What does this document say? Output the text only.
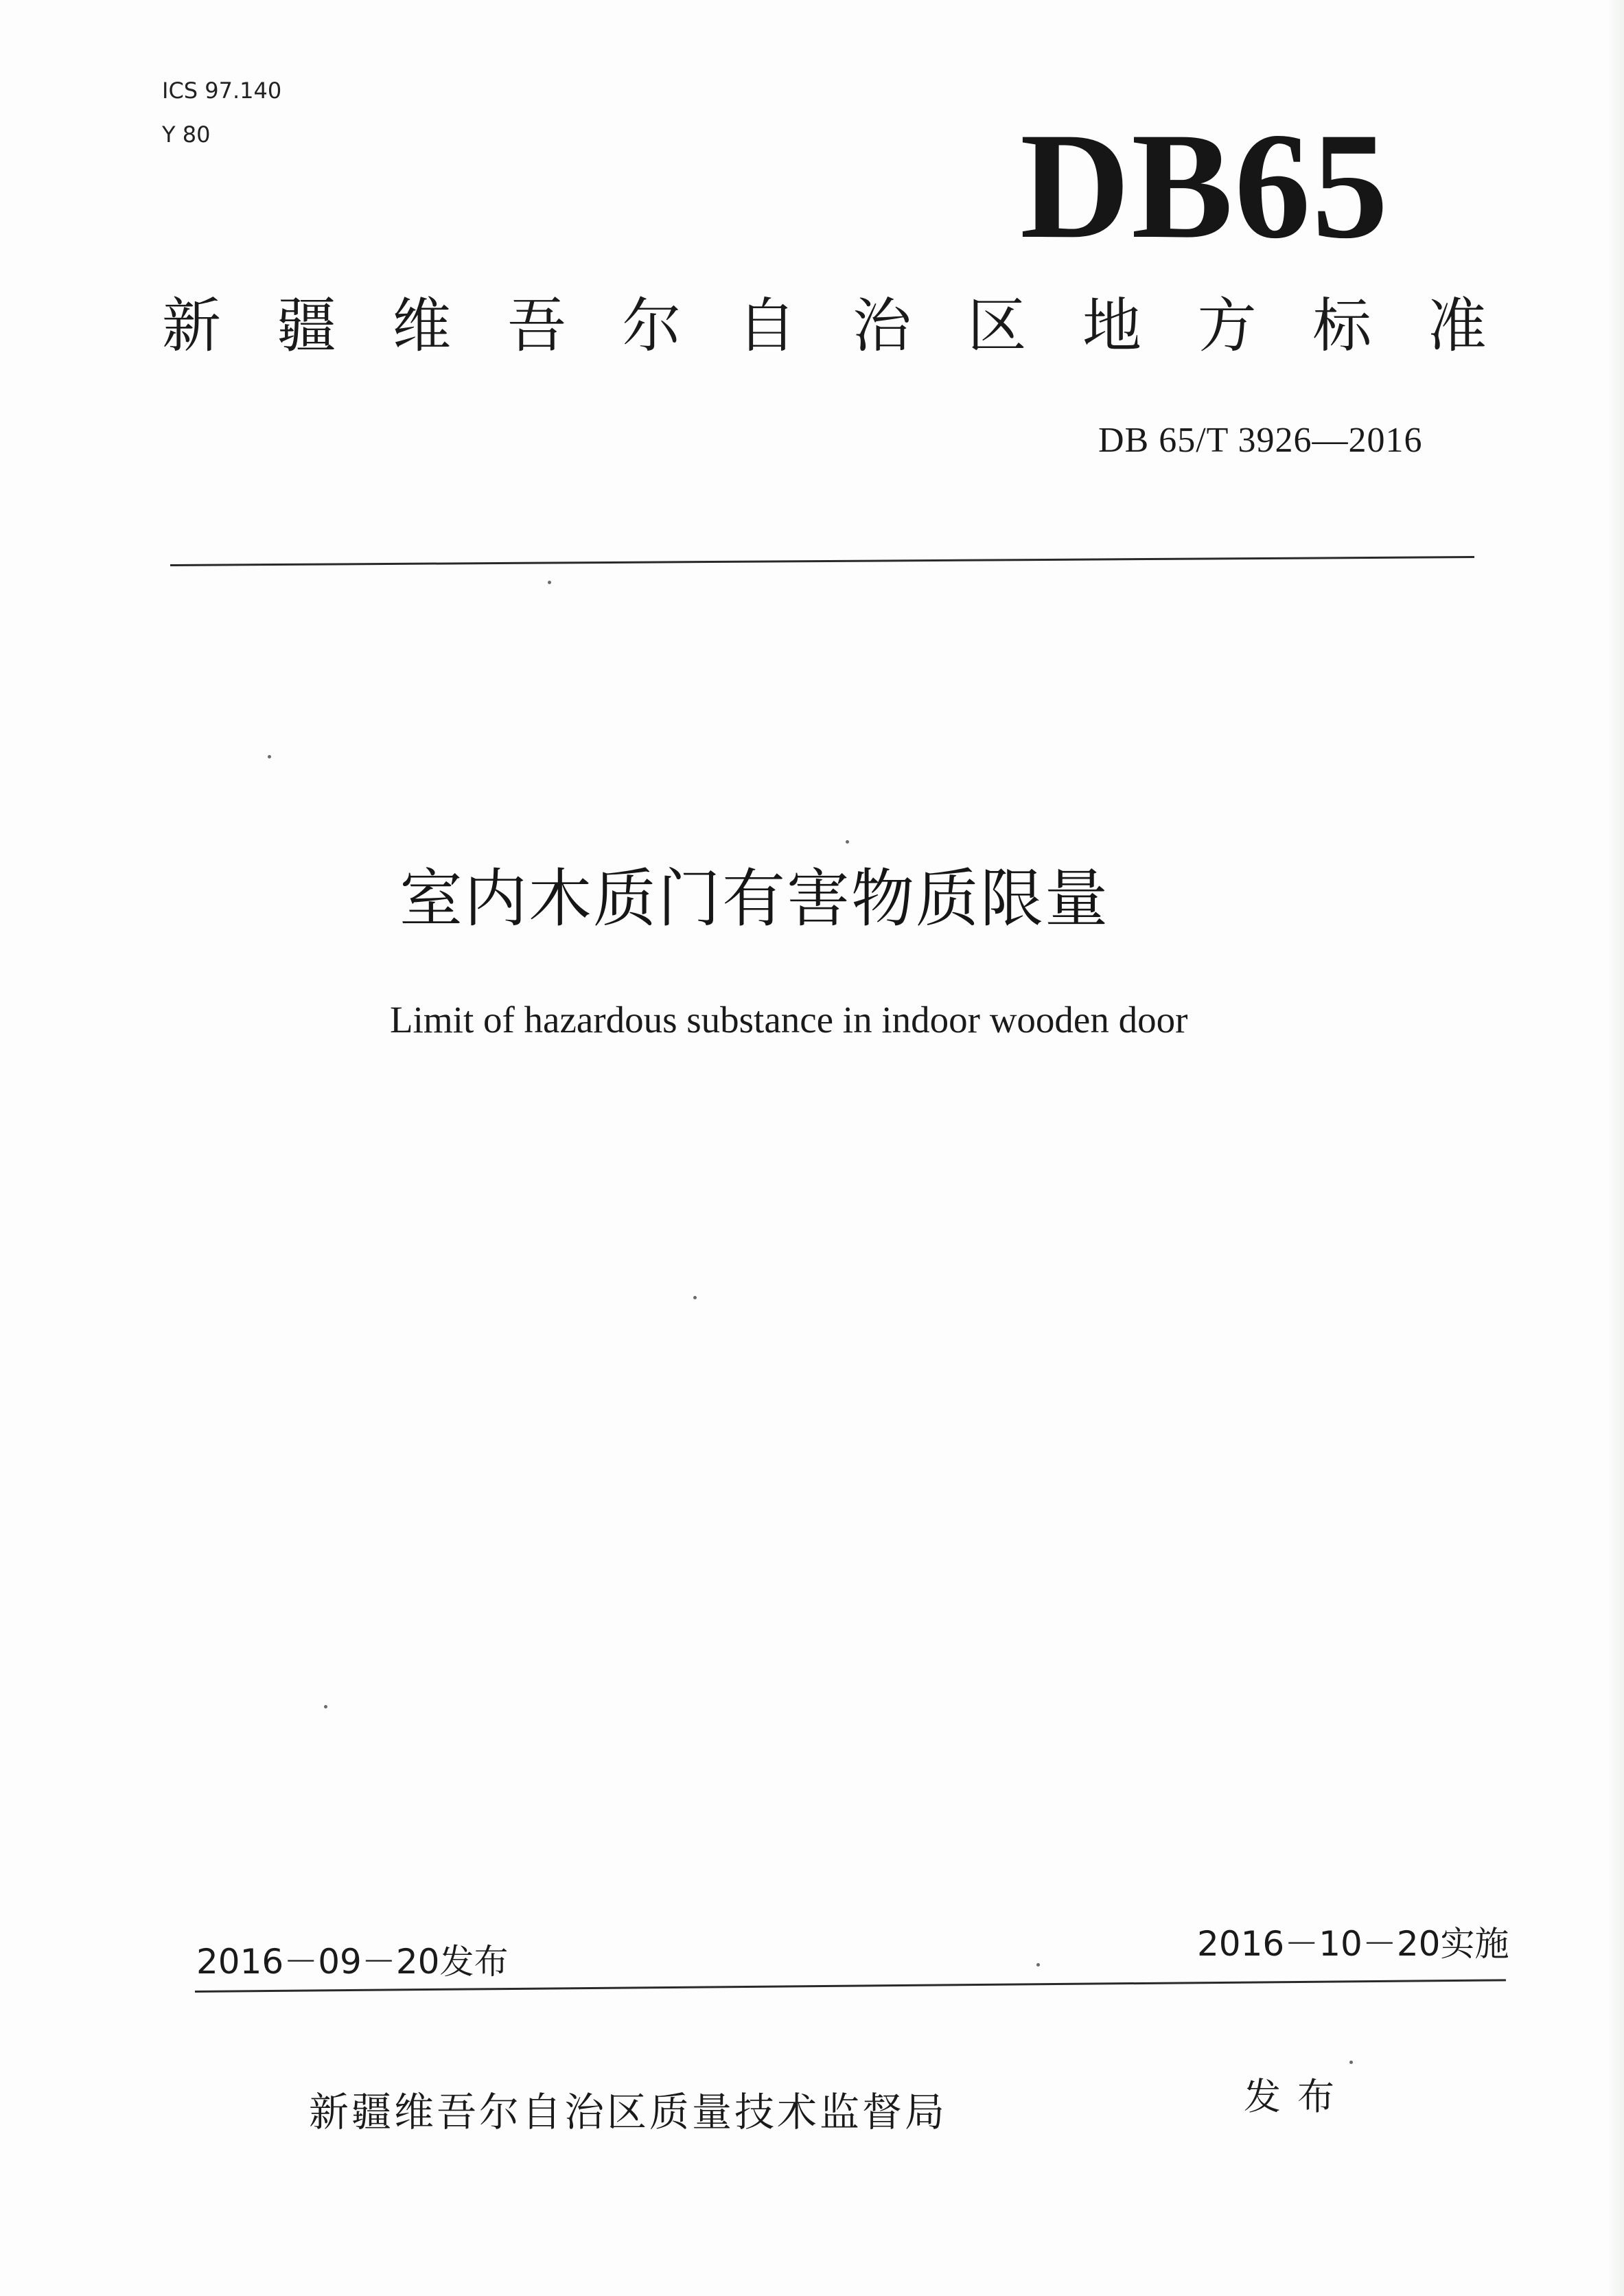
ICS 97.140
Y 80	DB65
新 疆 维 吾 尔 自 治 区 地 方 标 准
DB 65/T 3926—2016
室内木质门有害物质限量
Limit of hazardous substance in indoor wooden door
2016－09－20发布	2016－10－20实施
新疆维吾尔自治区质量技术监督局	发布
